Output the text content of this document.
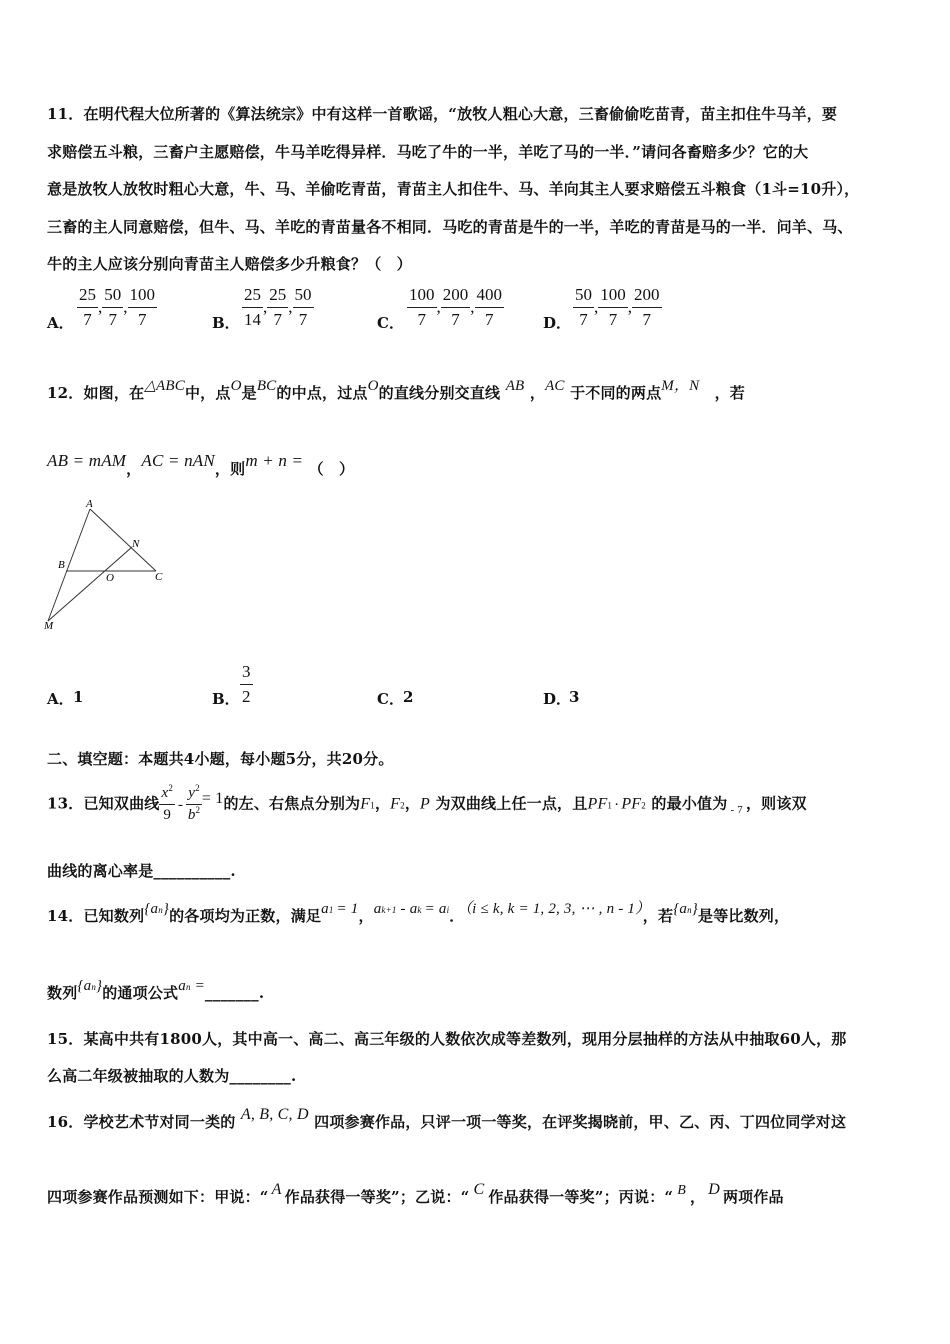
11．在明代程大位所著的《算法统宗》中有这样一首歌谣，“放牧人粗心大意，三畜偷偷吃苗青，苗主扣住牛马羊，要
求赔偿五斗粮，三畜户主愿赔偿，牛马羊吃得异样．马吃了牛的一半，羊吃了马的一半．”请问各畜赔多少？它的大
意是放牧人放牧时粗心大意，牛、马、羊偷吃青苗，青苗主人扣住牛、马、羊向其主人要求赔偿五斗粮食（1斗=10升），
三畜的主人同意赔偿，但牛、马、羊吃的青苗量各不相同．马吃的青苗是牛的一半，羊吃的青苗是马的一半．问羊、马、
牛的主人应该分别向青苗主人赔偿多少升粮食？（　）
A． $\frac{25}{7}$ , $\frac{50}{7}$ , $\frac{100}{7}$	B． $\frac{25}{14}$ , $\frac{25}{7}$ , $\frac{50}{7}$	C． $\frac{100}{7}$ , $\frac{200}{7}$ , $\frac{400}{7}$	D． $\frac{50}{7}$ , $\frac{100}{7}$ , $\frac{200}{7}$
12．如图，在△ABC中，点O是BC的中点，过点O的直线分别交直线 AB ，AC 于不同的两点M，N　 ，若
AB = mAM，AC = nAN，则m + n = （　）
A
B
C
N
O
M
A． 1	B． $\frac{3}{2}$	C． 2	D．
3
二、填空题：本题共4小题，每小题5分，共20分。
13．已知双曲线 $\frac{x^2}{9} - \frac{y^2}{b^2} = 1$的左、右焦点分别为F1，F2，P 为双曲线上任一点，且PF1 · PF2 的最小值为 $_{- 7}$ ，则该双
曲线的离心率是__________.
14．已知数列{an}的各项均为正数，满足a1 = 1，ak+1 - ak = ai．（i ≤ k, k = 1, 2, 3, ⋯ , n - 1），若{an}是等比数列，
数列{an}的通项公式an =_______.
15．某高中共有1800人，其中高一、高二、高三年级的人数依次成等差数列，现用分层抽样的方法从中抽取60人，那
么高二年级被抽取的人数为________.
16．学校艺术节对同一类的 A, B, C, D 四项参赛作品，只评一项一等奖，在评奖揭晓前，甲、乙、丙、丁四位同学对这
四项参赛作品预测如下：甲说：“ A 作品获得一等奖”；乙说：“ C 作品获得一等奖”；丙说：“ B ， D 两项作品
